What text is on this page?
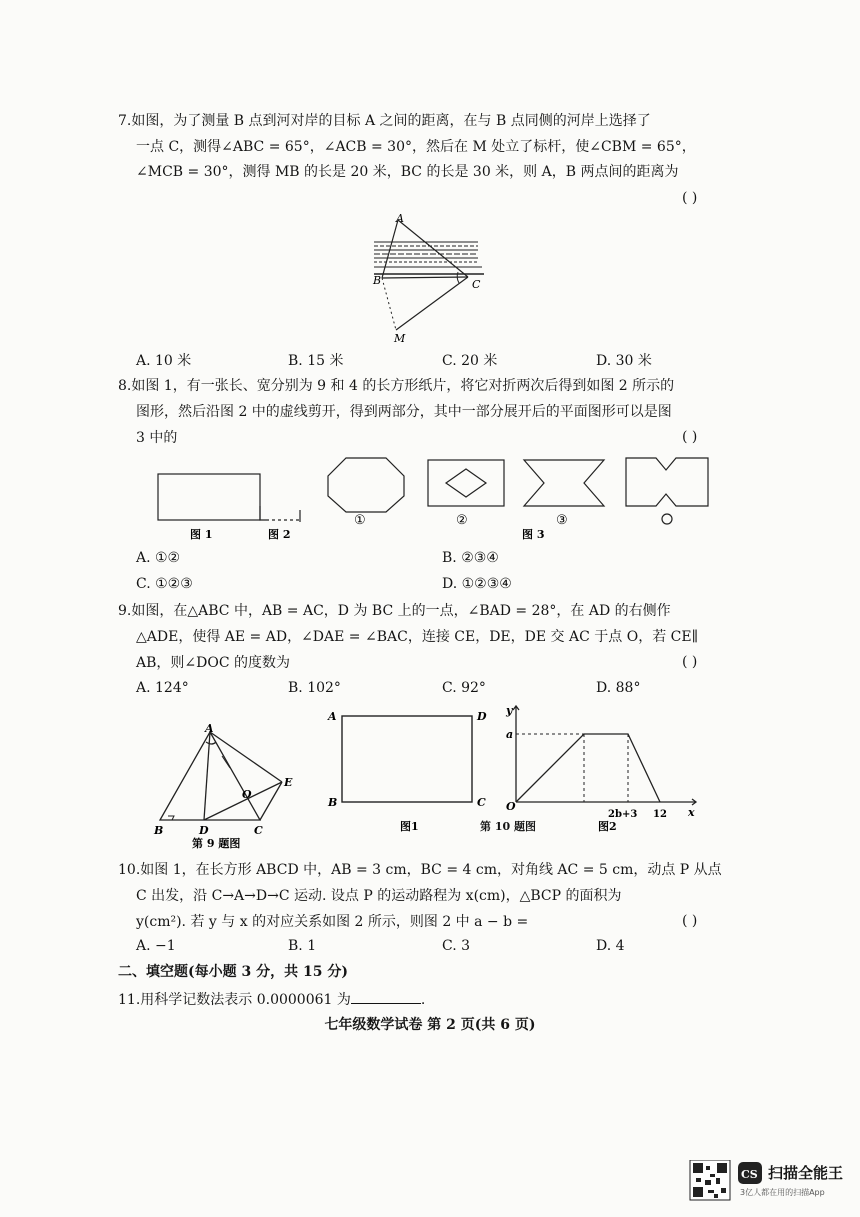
7.如图，为了测量 B 点到河对岸的目标 A 之间的距离，在与 B 点同侧的河岸上选择了
一点 C，测得∠ABC = 65°，∠ACB = 30°，然后在 M 处立了标杆，使∠CBM = 65°，
∠MCB = 30°，测得 MB 的长是 20 米，BC 的长是 30 米，则 A，B 两点间的距离为
( )
A
B	C
M
A. 10 米	B. 15 米	C. 20 米	D. 30 米
8.如图 1，有一张长、宽分别为 9 和 4 的长方形纸片，将它对折两次后得到如图 2 所示的
图形，然后沿图 2 中的虚线剪开，得到两部分，其中一部分展开后的平面图形可以是图
3 中的	( )
图 1	图 2
①	②	③
图 3
A. ①②	B. ②③④
C. ①②③	D. ①②③④
9.如图，在△ABC 中，AB = AC，D 为 BC 上的一点，∠BAD = 28°，在 AD 的右侧作
△ADE，使得 AE = AD，∠DAE = ∠BAC，连接 CE，DE，DE 交 AC 于点 O，若 CE∥
AB，则∠DOC 的度数为	( )
A. 124°	B. 102°	C. 92°	D. 88°
A
B	C
D
E
O
第 9 题图
A	D
B	C
图1
y
x
a
O
2b+3 12
图2
第 10 题图
10.如图 1，在长方形 ABCD 中，AB = 3 cm，BC = 4 cm，对角线 AC = 5 cm，动点 P 从点
C 出发，沿 C→A→D→C 运动. 设点 P 的运动路程为 x(cm)，△BCP 的面积为
y(cm²). 若 y 与 x 的对应关系如图 2 所示，则图 2 中 a − b =	( )
A. −1	B. 1	C. 3	D. 4
二、填空题(每小题 3 分，共 15 分)
11.用科学记数法表示 0.0000061 为	.
七年级数学试卷 第 2 页(共 6 页)
CS 扫描全能王
3亿人都在用的扫描App
